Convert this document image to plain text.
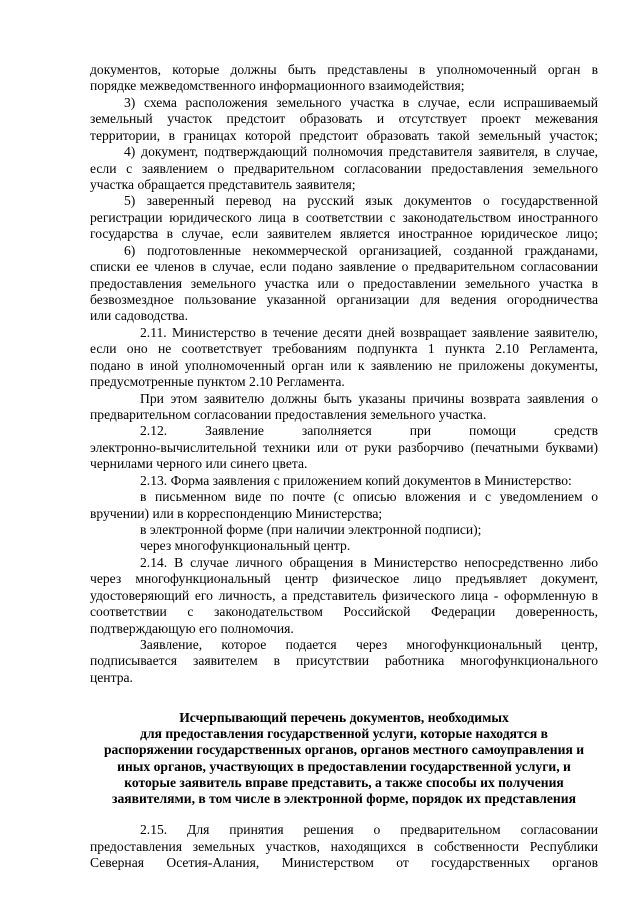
документов, которые должны быть представлены в уполномоченный орган в
порядке межведомственного информационного взаимодействия;
3) схема расположения земельного участка в случае, если испрашиваемый
земельный участок предстоит образовать и отсутствует проект межевания
территории, в границах которой предстоит образовать такой земельный участок;
4) документ, подтверждающий полномочия представителя заявителя, в случае,
если с заявлением о предварительном согласовании предоставления земельного
участка обращается представитель заявителя;
5) заверенный перевод на русский язык документов о государственной
регистрации юридического лица в соответствии с законодательством иностранного
государства в случае, если заявителем является иностранное юридическое лицо;
6) подготовленные некоммерческой организацией, созданной гражданами,
списки ее членов в случае, если подано заявление о предварительном согласовании
предоставления земельного участка или о предоставлении земельного участка в
безвозмездное пользование указанной организации для ведения огородничества
или садоводства.
2.11. Министерство в течение десяти дней возвращает заявление заявителю,
если оно не соответствует требованиям подпункта 1 пункта 2.10 Регламента,
подано в иной уполномоченный орган или к заявлению не приложены документы,
предусмотренные пунктом 2.10 Регламента.
При этом заявителю должны быть указаны причины возврата заявления о
предварительном согласовании предоставления земельного участка.
2.12. Заявление заполняется при помощи средств
электронно-вычислительной техники или от руки разборчиво (печатными буквами)
чернилами черного или синего цвета.
2.13. Форма заявления с приложением копий документов в Министерство:
в письменном виде по почте (с описью вложения и с уведомлением о
вручении) или в корреспонденцию Министерства;
в электронной форме (при наличии электронной подписи);
через многофункциональный центр.
2.14. В случае личного обращения в Министерство непосредственно либо
через многофункциональный центр физическое лицо предъявляет документ,
удостоверяющий его личность, а представитель физического лица - оформленную в
соответствии с законодательством Российской Федерации доверенность,
подтверждающую его полномочия.
Заявление, которое подается через многофункциональный центр,
подписывается заявителем в присутствии работника многофункционального
центра.
Исчерпывающий перечень документов, необходимых
для предоставления государственной услуги, которые находятся в
распоряжении государственных органов, органов местного самоуправления и
иных органов, участвующих в предоставлении государственной услуги, и
которые заявитель вправе представить, а также способы их получения
заявителями, в том числе в электронной форме, порядок их представления
2.15. Для принятия решения о предварительном согласовании
предоставления земельных участков, находящихся в собственности Республики
Северная Осетия-Алания, Министерством от государственных органов
